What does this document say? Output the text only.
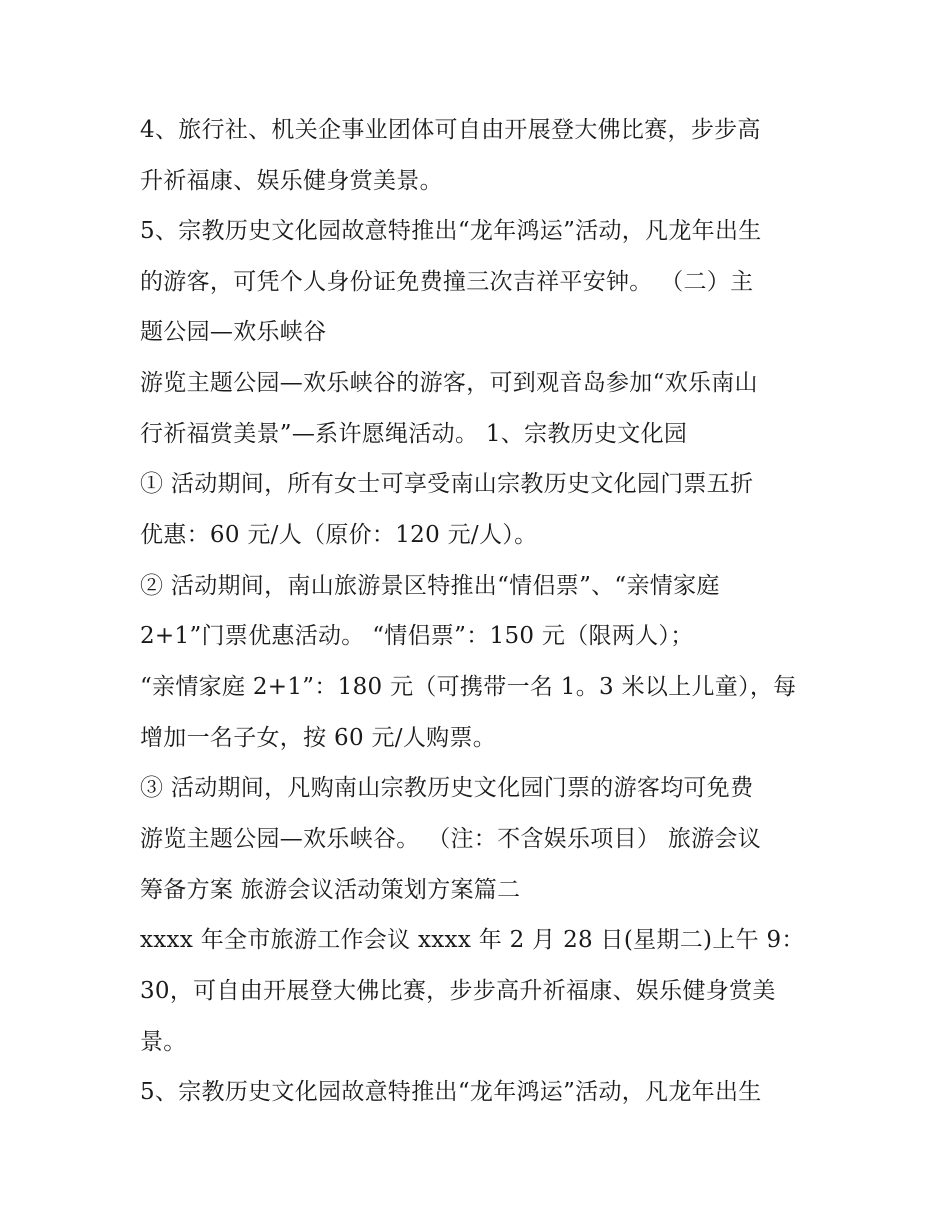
4、旅行社、机关企事业团体可自由开展登大佛比赛，步步高
升祈福康、娱乐健身赏美景。
5、宗教历史文化园故意特推出“龙年鸿运”活动，凡龙年出生
的游客，可凭个人身份证免费撞三次吉祥平安钟。 （二）主
题公园—欢乐峡谷
游览主题公园—欢乐峡谷的游客，可到观音岛参加“欢乐南山
行祈福赏美景”—系许愿绳活动。 1、宗教历史文化园
① 活动期间，所有女士可享受南山宗教历史文化园门票五折
优惠：60 元/人（原价：120 元/人）。
② 活动期间，南山旅游景区特推出“情侣票”、“亲情家庭
2+1”门票优惠活动。 “情侣票”：150 元（限两人）；
“亲情家庭 2+1”：180 元（可携带一名 1。3 米以上儿童），每
增加一名子女，按 60 元/人购票。
③ 活动期间，凡购南山宗教历史文化园门票的游客均可免费
游览主题公园—欢乐峡谷。 （注：不含娱乐项目） 旅游会议
筹备方案 旅游会议活动策划方案篇二
xxxx 年全市旅游工作会议 xxxx 年 2 月 28 日(星期二)上午 9：
30，可自由开展登大佛比赛，步步高升祈福康、娱乐健身赏美
景。
5、宗教历史文化园故意特推出“龙年鸿运”活动，凡龙年出生
